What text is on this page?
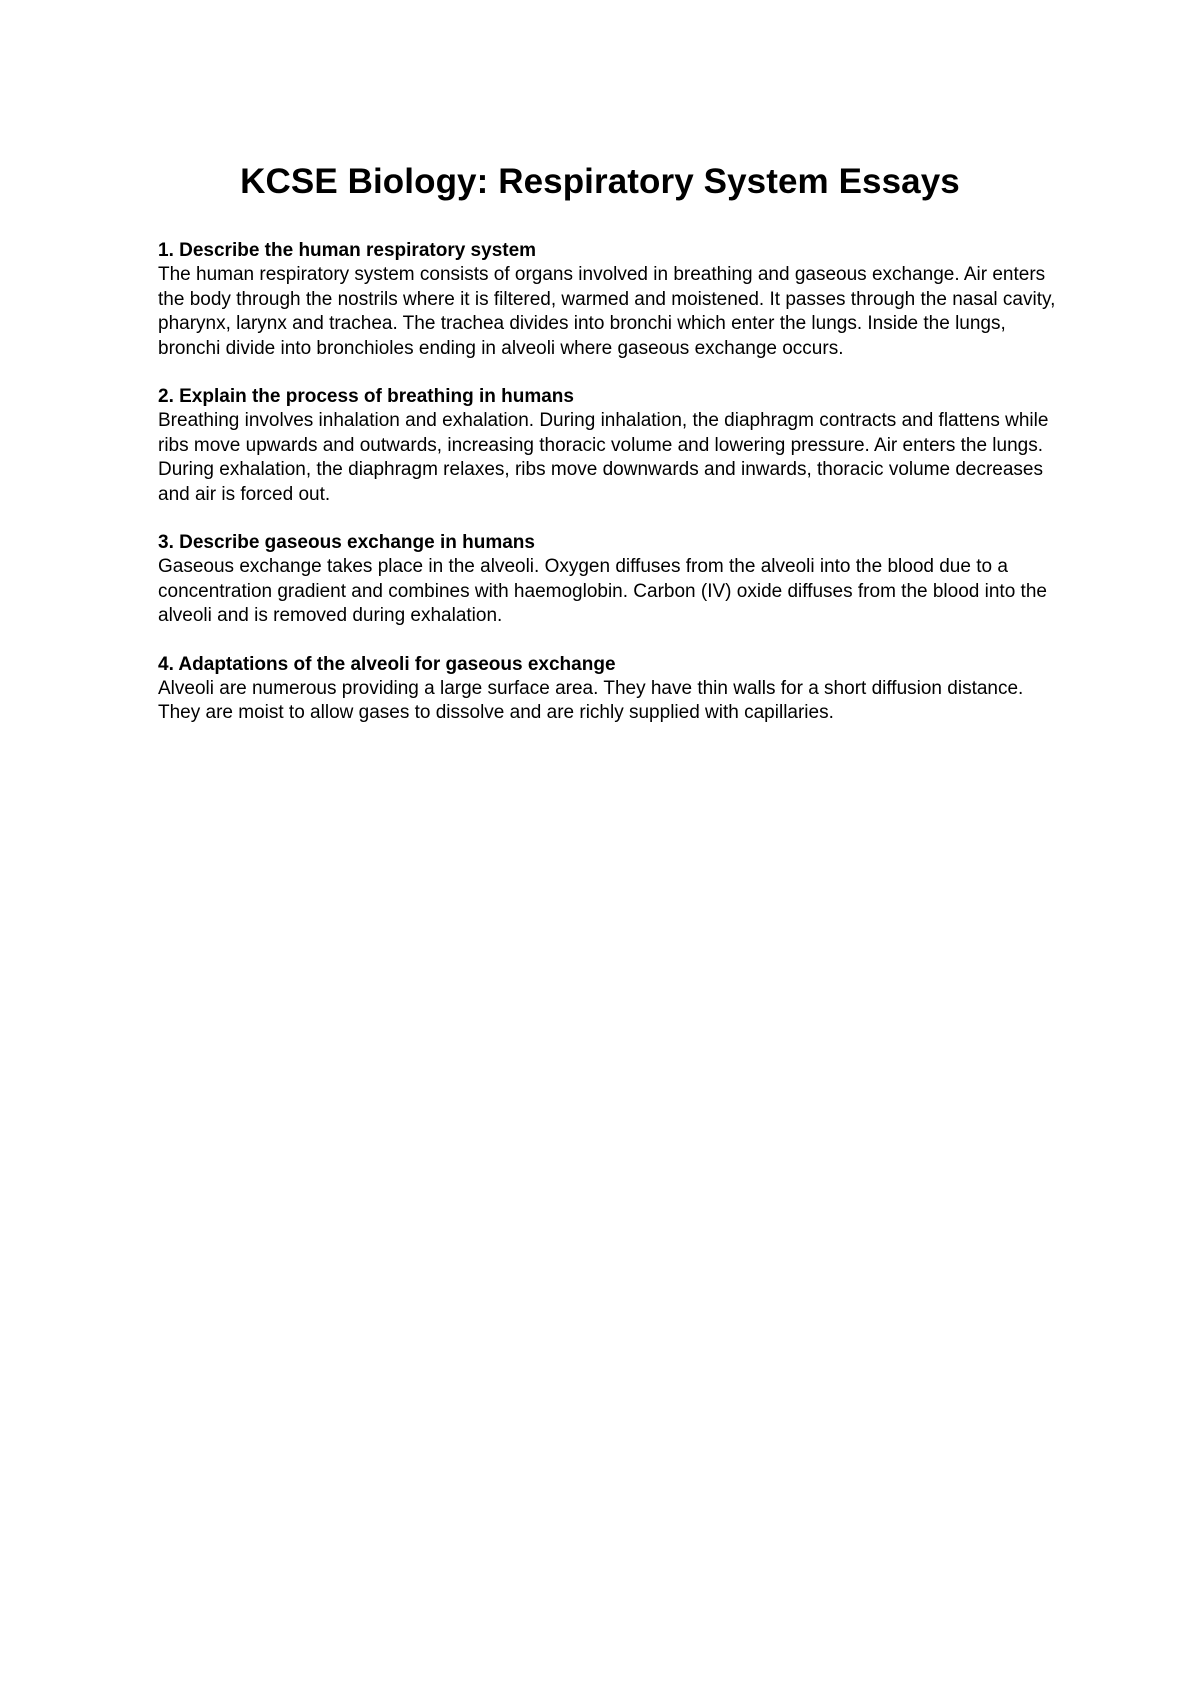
KCSE Biology: Respiratory System Essays

1. Describe the human respiratory system

The human respiratory system consists of organs involved in breathing and gaseous exchange. Air enters the body through the nostrils where it is filtered, warmed and moistened. It passes through the nasal cavity, pharynx, larynx and trachea. The trachea divides into bronchi which enter the lungs. Inside the lungs, bronchi divide into bronchioles ending in alveoli where gaseous exchange occurs.

2. Explain the process of breathing in humans

Breathing involves inhalation and exhalation. During inhalation, the diaphragm contracts and flattens while ribs move upwards and outwards, increasing thoracic volume and lowering pressure. Air enters the lungs. During exhalation, the diaphragm relaxes, ribs move downwards and inwards, thoracic volume decreases and air is forced out.

3. Describe gaseous exchange in humans

Gaseous exchange takes place in the alveoli. Oxygen diffuses from the alveoli into the blood due to a concentration gradient and combines with haemoglobin. Carbon (IV) oxide diffuses from the blood into the alveoli and is removed during exhalation.

4. Adaptations of the alveoli for gaseous exchange

Alveoli are numerous providing a large surface area. They have thin walls for a short diffusion distance. They are moist to allow gases to dissolve and are richly supplied with capillaries.
